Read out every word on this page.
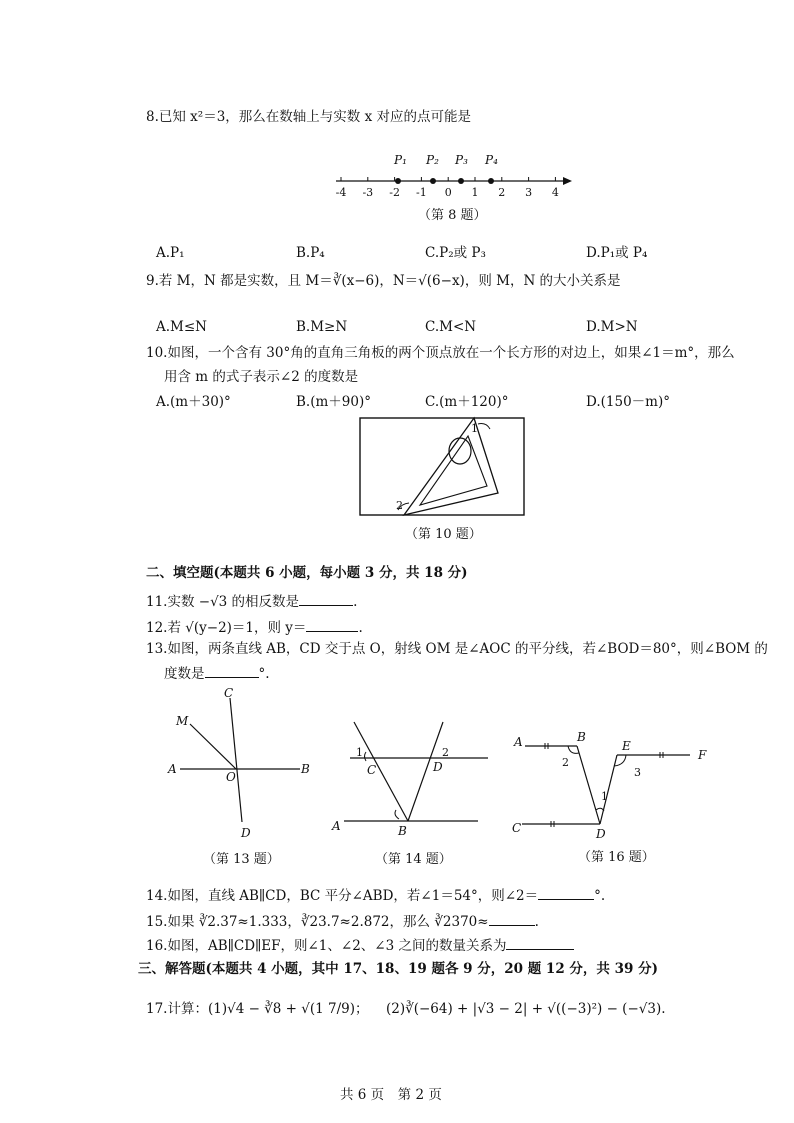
8.已知 x²＝3，那么在数轴上与实数 x 对应的点可能是
-4 -3 -2 -1 0 1 2 3 4
P₁ P₂ P₃ P₄
（第 8 题）
A.P₁	B.P₄	C.P₂或 P₃	D.P₁或 P₄
9.若 M，N 都是实数，且 M＝∛(x−6)，N＝√(6−x)，则 M，N 的大小关系是
A.M≤N	B.M≥N	C.M<N	D.M>N
10.如图，一个含有 30°角的直角三角板的两个顶点放在一个长方形的对边上，如果∠1＝m°，那么
用含 m 的式子表示∠2 的度数是
A.(m＋30)°	B.(m＋90)°	C.(m＋120)°	D.(150－m)°
1
2
（第 10 题）
二、填空题(本题共 6 小题，每小题 3 分，共 18 分)
11.实数 −√3 的相反数是	.
12.若 √(y−2)＝1，则 y＝	.
13.如图，两条直线 AB，CD 交于点 O，射线 OM 是∠AOC 的平分线，若∠BOD＝80°，则∠BOM 的
度数是	°.
C
M
A
O
B
D
（第 13 题）
1	2
C	D
A	B
（第 14 题）
A	B
E
F
2
3
1
C	D
（第 16 题）
14.如图，直线 AB∥CD，BC 平分∠ABD，若∠1＝54°，则∠2＝	°.
15.如果 ∛2.37≈1.333，∛23.7≈2.872，那么 ∛2370≈	.
16.如图，AB∥CD∥EF，则∠1、∠2、∠3 之间的数量关系为
三、解答题(本题共 4 小题，其中 17、18、19 题各 9 分，20 题 12 分，共 39 分)
17.计算：(1)√4 − ∛8 + √(1 7/9)； (2)∛(−64) + |√3 − 2| + √((−3)²) − (−√3).
共 6 页　第 2 页
